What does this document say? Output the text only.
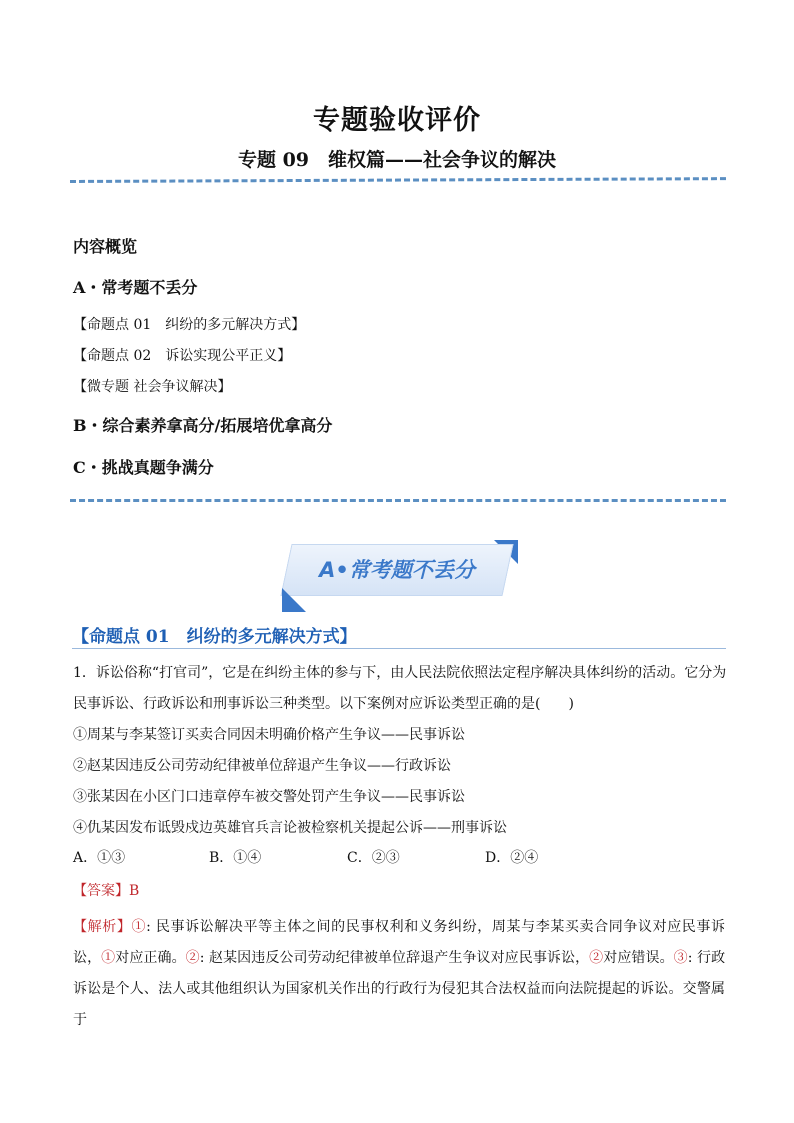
专题验收评价
专题 09　维权篇——社会争议的解决
内容概览
A・常考题不丢分
【命题点 01　纠纷的多元解决方式】
【命题点 02　诉讼实现公平正义】
【微专题 社会争议解决】
B・综合素养拿高分/拓展培优拿高分
C・挑战真题争满分
A•常考题不丢分
【命题点 01　纠纷的多元解决方式】
1．诉讼俗称“打官司”，它是在纠纷主体的参与下，由人民法院依照法定程序解决具体纠纷的活动。它分为民事诉讼、行政诉讼和刑事诉讼三种类型。以下案例对应诉讼类型正确的是(　　)
①周某与李某签订买卖合同因未明确价格产生争议——民事诉讼
②赵某因违反公司劳动纪律被单位辞退产生争议——行政诉讼
③张某因在小区门口违章停车被交警处罚产生争议——民事诉讼
④仇某因发布诋毁戍边英雄官兵言论被检察机关提起公诉——刑事诉讼
A．①③	B．①④	C．②③	D．②④
【答案】B
【解析】①: 民事诉讼解决平等主体之间的民事权利和义务纠纷，周某与李某买卖合同争议对应民事诉讼，①对应正确。②: 赵某因违反公司劳动纪律被单位辞退产生争议对应民事诉讼，②对应错误。③: 行政诉讼是个人、法人或其他组织认为国家机关作出的行政行为侵犯其合法权益而向法院提起的诉讼。交警属于
